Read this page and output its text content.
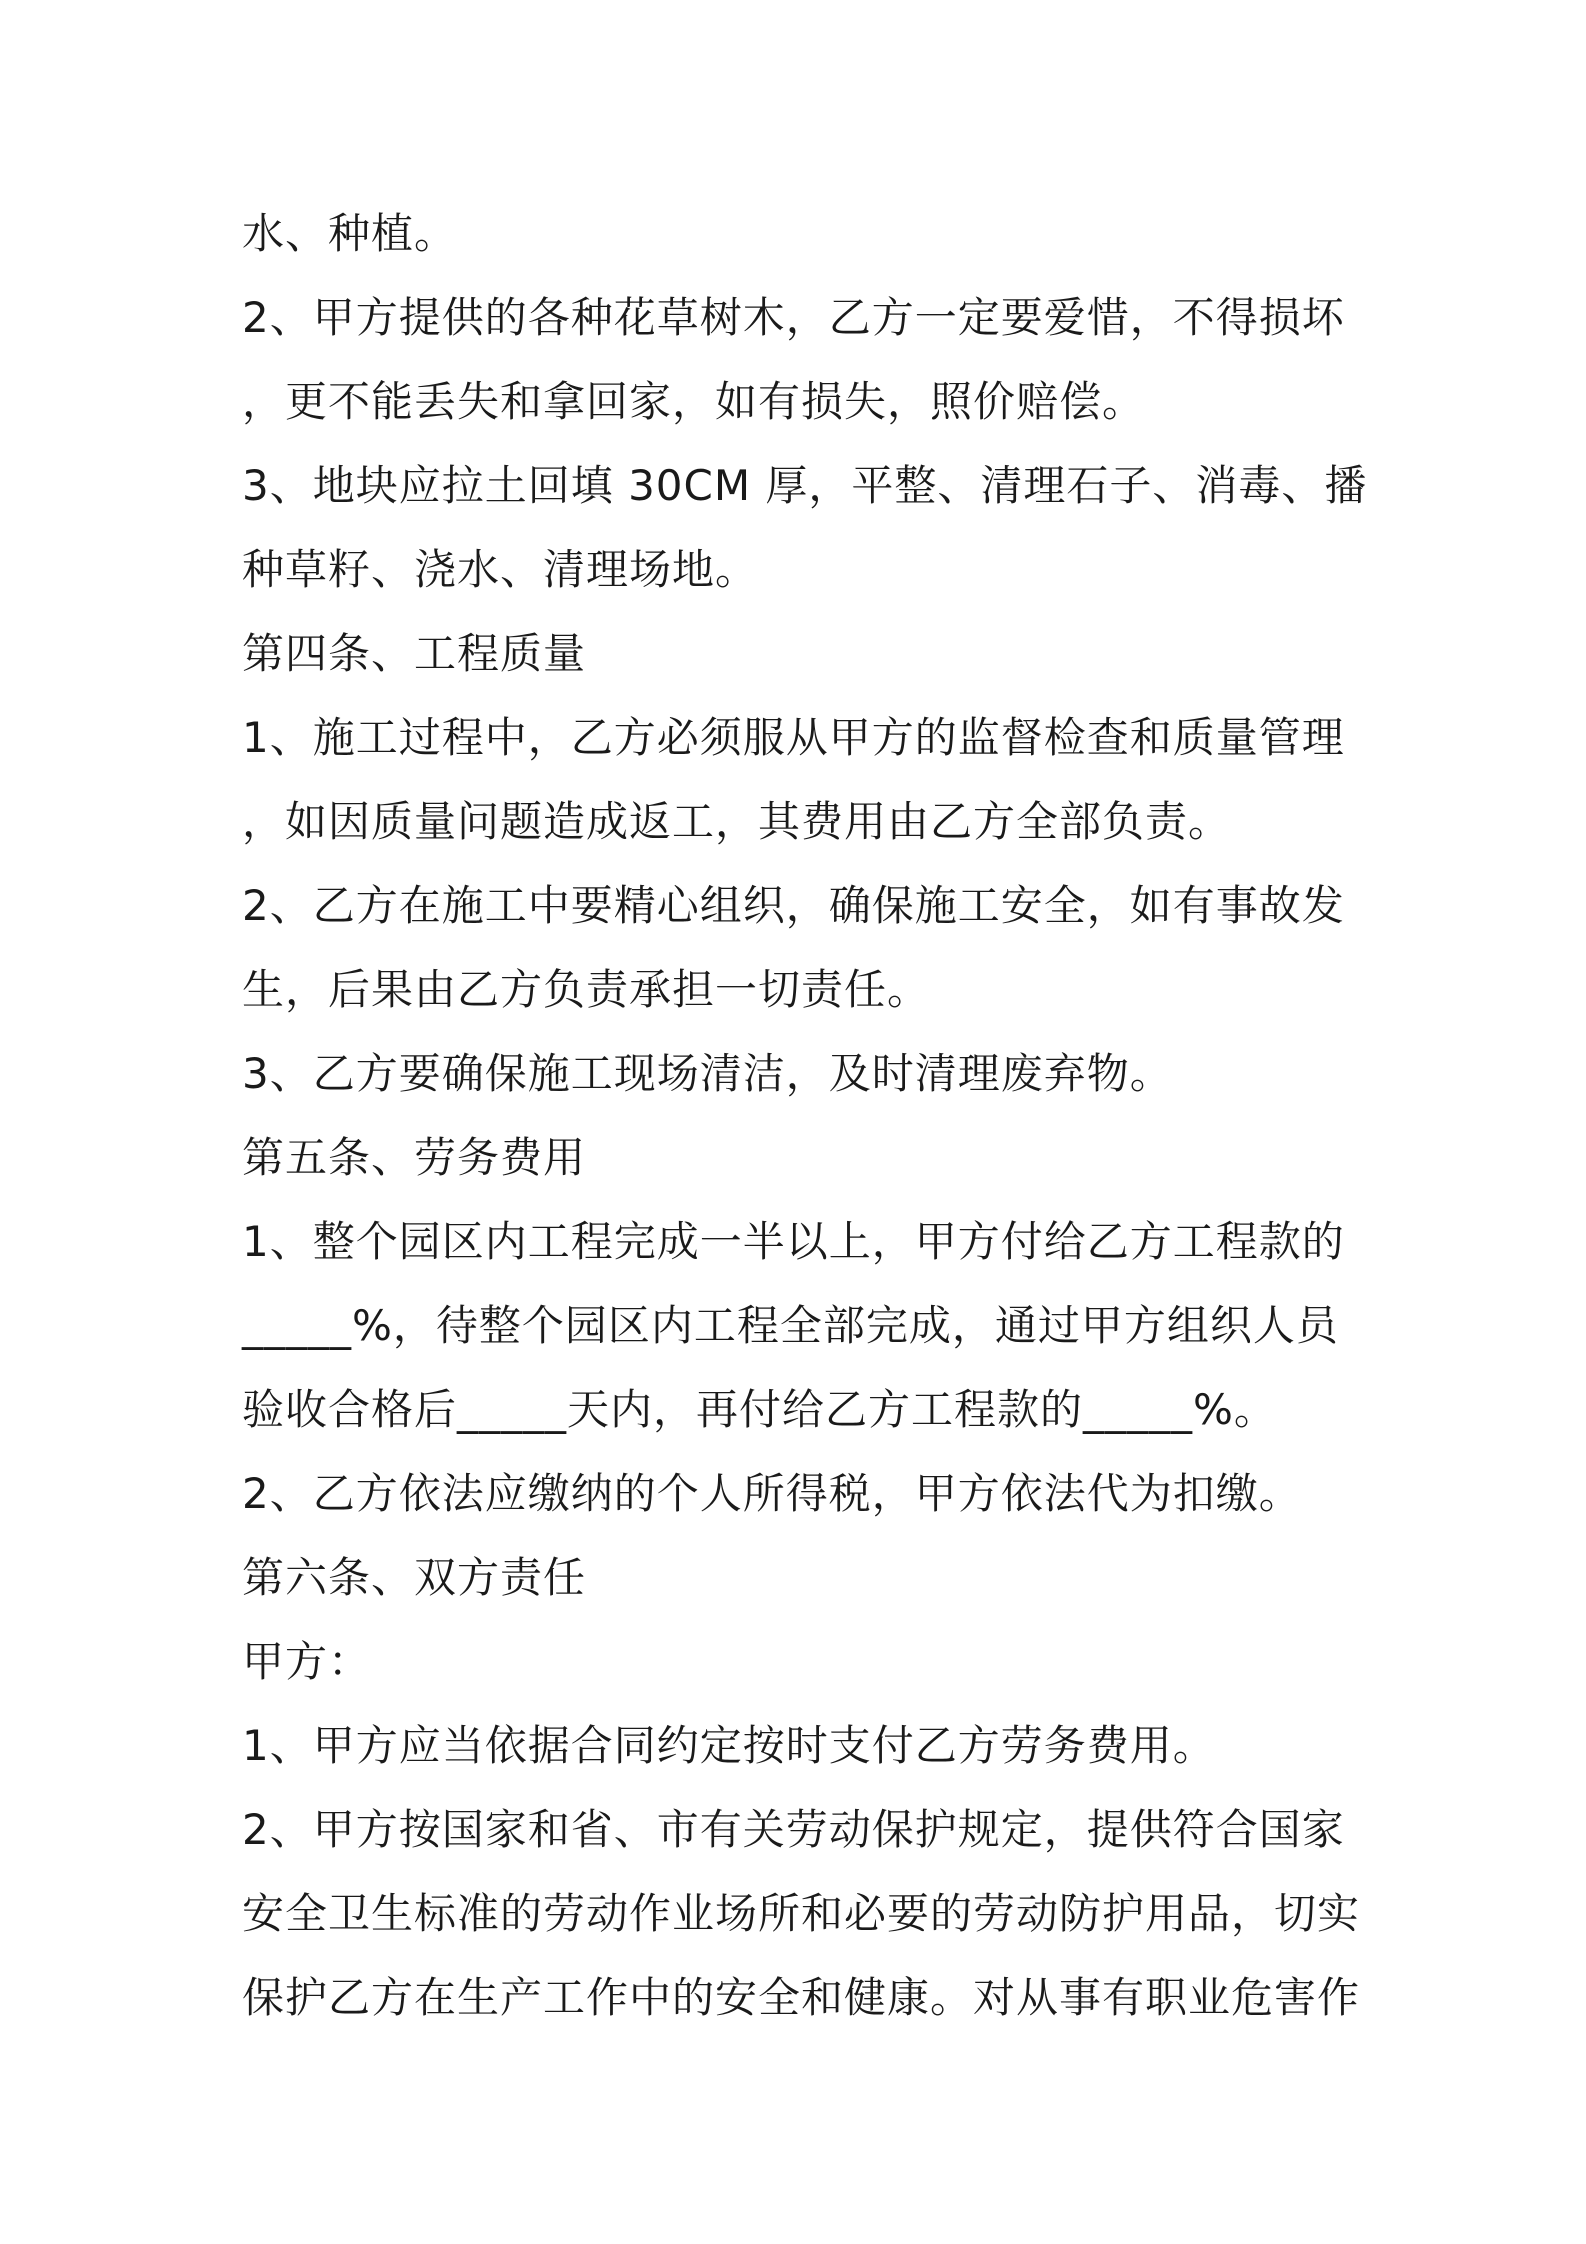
水、种植。
2、甲方提供的各种花草树木，乙方一定要爱惜，不得损坏
，更不能丢失和拿回家，如有损失，照价赔偿。
3、地块应拉土回填 30CM 厚，平整、清理石子、消毒、播
种草籽、浇水、清理场地。
第四条、工程质量
1、施工过程中，乙方必须服从甲方的监督检查和质量管理
，如因质量问题造成返工，其费用由乙方全部负责。
2、乙方在施工中要精心组织，确保施工安全，如有事故发
生，后果由乙方负责承担一切责任。
3、乙方要确保施工现场清洁，及时清理废弃物。
第五条、劳务费用
1、整个园区内工程完成一半以上，甲方付给乙方工程款的
_____%，待整个园区内工程全部完成，通过甲方组织人员
验收合格后_____天内，再付给乙方工程款的_____%。
2、乙方依法应缴纳的个人所得税，甲方依法代为扣缴。
第六条、双方责任
甲方：
1、甲方应当依据合同约定按时支付乙方劳务费用。
2、甲方按国家和省、市有关劳动保护规定，提供符合国家
安全卫生标准的劳动作业场所和必要的劳动防护用品，切实
保护乙方在生产工作中的安全和健康。对从事有职业危害作
